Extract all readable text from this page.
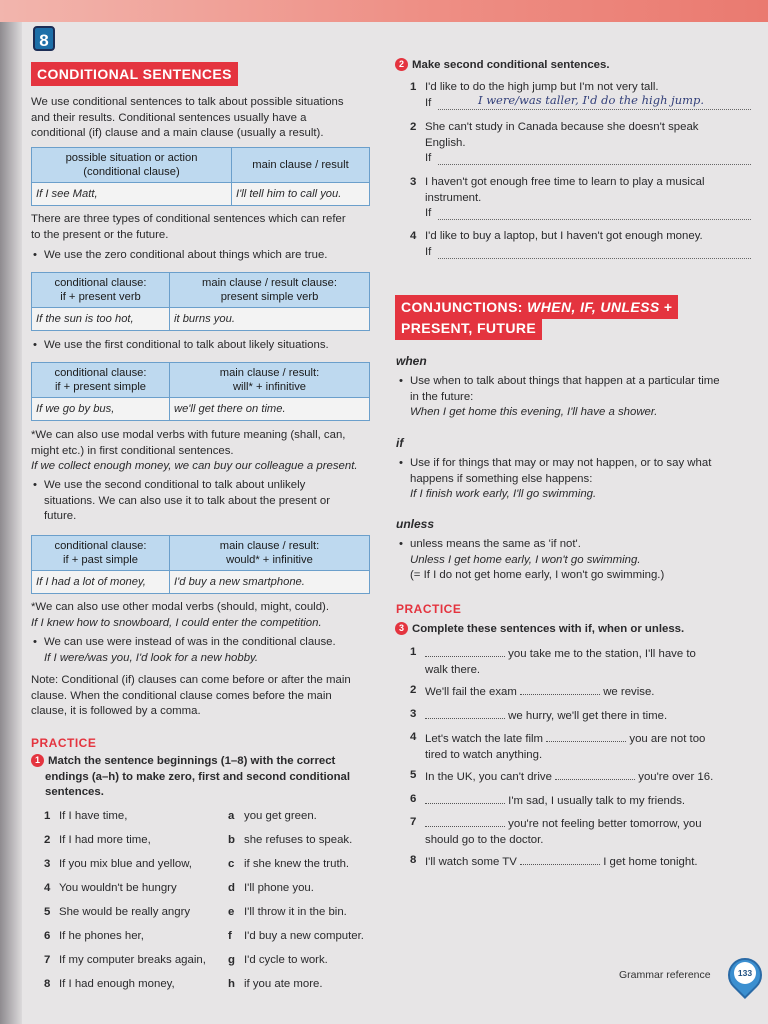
8
CONDITIONAL SENTENCES
We use conditional sentences to talk about possible situations
and their results. Conditional sentences usually have a
conditional (if) clause and a main clause (usually a result).
possible situation or action
(conditional clause)	main clause / result
If I see Matt,	I'll tell him to call you.
There are three types of conditional sentences which can refer
to the present or the future.
• We use the zero conditional about things which are true.
conditional clause:
if + present verb	main clause / result clause:
present simple verb
If the sun is too hot,	it burns you.
• We use the first conditional to talk about likely situations.
conditional clause:
if + present simple	main clause / result:
will* + infinitive
If we go by bus,	we'll get there on time.
*We can also use modal verbs with future meaning (shall, can,
might etc.) in first conditional sentences.
If we collect enough money, we can buy our colleague a present.
• We use the second conditional to talk about unlikely
situations. We can also use it to talk about the present or
future.
conditional clause:
if + past simple	main clause / result:
would* + infinitive
If I had a lot of money,	I'd buy a new smartphone.
*We can also use other modal verbs (should, might, could).
If I knew how to snowboard, I could enter the competition.
• We can use were instead of was in the conditional clause.
If I were/was you, I'd look for a new hobby.
Note: Conditional (if) clauses can come before or after the main
clause. When the conditional clause comes before the main
clause, it is followed by a comma.
PRACTICE
1 Match the sentence beginnings (1–8) with the correct
endings (a–h) to make zero, first and second conditional
sentences.
1 If I have time,	a you get green.
2 If I had more time,	b she refuses to speak.
3 If you mix blue and yellow,	c if she knew the truth.
4 You wouldn't be hungry	d I'll phone you.
5 She would be really angry	e I'll throw it in the bin.
6 If he phones her,	f I'd buy a new computer.
7 If my computer breaks again, g I'd cycle to work.
8 If I had enough money,	h if you ate more.
2 Make second conditional sentences.
1 I'd like to do the high jump but I'm not very tall.
If	I were/was taller, I'd do the high jump.
2 She can't study in Canada because she doesn't speak
English.
If
3 I haven't got enough free time to learn to play a musical
instrument.
If
4 I'd like to buy a laptop, but I haven't got enough money.
If
CONJUNCTIONS: WHEN, IF, UNLESS +
PRESENT, FUTURE
when
• Use when to talk about things that happen at a particular time
in the future:
When I get home this evening, I'll have a shower.
if
• Use if for things that may or may not happen, or to say what
happens if something else happens:
If I finish work early, I'll go swimming.
unless
• unless means the same as 'if not'.
Unless I get home early, I won't go swimming.
(= If I do not get home early, I won't go swimming.)
PRACTICE
3 Complete these sentences with if, when or unless.
1	you take me to the station, I'll have to
walk there.
2 We'll fail the exam	we revise.
3	we hurry, we'll get there in time.
4 Let's watch the late film	you are not too
tired to watch anything.
5 In the UK, you can't drive	you're over 16.
6	I'm sad, I usually talk to my friends.
7	you're not feeling better tomorrow, you
should go to the doctor.
8 I'll watch some TV	I get home tonight.
Grammar reference	133
